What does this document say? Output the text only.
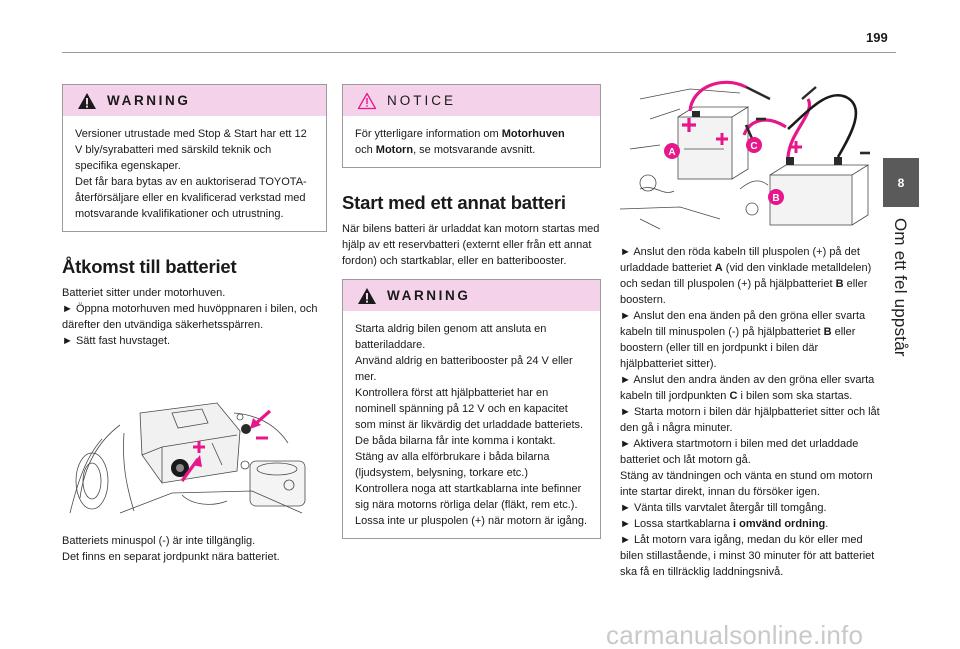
199
8
Om ett fel uppstår
WARNING
Versioner utrustade med Stop & Start har ett 12 V bly/syrabatteri med särskild teknik och specifika egenskaper.
Det får bara bytas av en auktoriserad TOYOTA-återförsäljare eller en kvalificerad verkstad med motsvarande kvalifikationer och utrustning.
Åtkomst till batteriet

Batteriet sitter under motorhuven.
► Öppna motorhuven med huvöppnaren i bilen, och därefter den utvändiga säkerhetsspärren.
► Sätt fast huvstaget.

Batteriets minuspol (-) är inte tillgänglig.
Det finns en separat jordpunkt nära batteriet.

NOTICE
För ytterligare information om Motorhuven
och Motorn, se motsvarande avsnitt.
Start med ett annat batteri

När bilens batteri är urladdat kan motorn startas med hjälp av ett reservbatteri (externt eller från ett annat fordon) och startkablar, eller en batteribooster.

WARNING
Starta aldrig bilen genom att ansluta en batteriladdare.
Använd aldrig en batteribooster på 24 V eller mer.
Kontrollera först att hjälpbatteriet har en nominell spänning på 12 V och en kapacitet som minst är likvärdig det urladdade batteriets.
De båda bilarna får inte komma i kontakt.
Stäng av alla elförbrukare i båda bilarna (ljudsystem, belysning, torkare etc.)
Kontrollera noga att startkablarna inte befinner sig nära motorns rörliga delar (fläkt, rem etc.).
Lossa inte ur pluspolen (+) när motorn är igång.
A
C
B

► Anslut den röda kabeln till pluspolen (+) på det urladdade batteriet A (vid den vinklade metalldelen) och sedan till pluspolen (+) på hjälpbatteriet B eller boostern.

► Anslut den ena änden på den gröna eller svarta kabeln till minuspolen (-) på hjälpbatteriet B eller boostern (eller till en jordpunkt i bilen där hjälpbatteriet sitter).

► Anslut den andra änden av den gröna eller svarta kabeln till jordpunkten C i bilen som ska startas.

► Starta motorn i bilen där hjälpbatteriet sitter och låt den gå i några minuter.
► Aktivera startmotorn i bilen med det urladdade batteriet och låt motorn gå.
Stäng av tändningen och vänta en stund om motorn inte startar direkt, innan du försöker igen.
► Vänta tills varvtalet återgår till tomgång.

► Lossa startkablarna i omvänd ordning.

► Låt motorn vara igång, medan du kör eller med bilen stillastående, i minst 30 minuter för att batteriet ska få en tillräcklig laddningsnivå.

carmanualsonline.info
